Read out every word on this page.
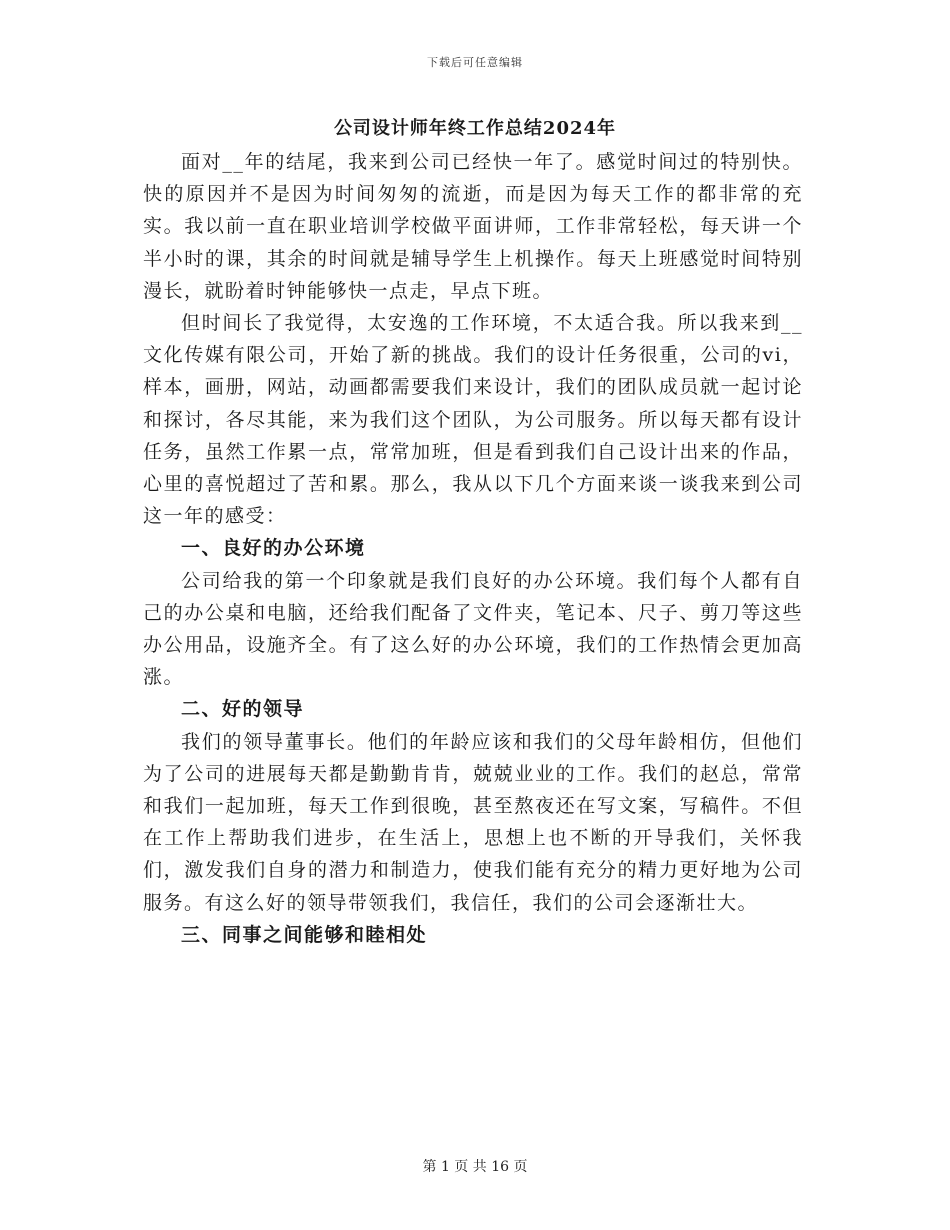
下载后可任意编辑
公司设计师年终工作总结2024年

面对__年的结尾，我来到公司已经快一年了。感觉时间过的特别快。快的原因并不是因为时间匆匆的流逝，而是因为每天工作的都非常的充实。我以前一直在职业培训学校做平面讲师，工作非常轻松，每天讲一个半小时的课，其余的时间就是辅导学生上机操作。每天上班感觉时间特别漫长，就盼着时钟能够快一点走，早点下班。

但时间长了我觉得，太安逸的工作环境，不太适合我。所以我来到__文化传媒有限公司，开始了新的挑战。我们的设计任务很重，公司的vi，样本，画册，网站，动画都需要我们来设计，我们的团队成员就一起讨论和探讨，各尽其能，来为我们这个团队，为公司服务。所以每天都有设计任务，虽然工作累一点，常常加班，但是看到我们自己设计出来的作品，心里的喜悦超过了苦和累。那么，我从以下几个方面来谈一谈我来到公司这一年的感受：

一、良好的办公环境

公司给我的第一个印象就是我们良好的办公环境。我们每个人都有自己的办公桌和电脑，还给我们配备了文件夹，笔记本、尺子、剪刀等这些办公用品，设施齐全。有了这么好的办公环境，我们的工作热情会更加高涨。

二、好的领导

我们的领导董事长。他们的年龄应该和我们的父母年龄相仿，但他们为了公司的进展每天都是勤勤肯肯，兢兢业业的工作。我们的赵总，常常和我们一起加班，每天工作到很晚，甚至熬夜还在写文案，写稿件。不但在工作上帮助我们进步，在生活上，思想上也不断的开导我们，关怀我们，激发我们自身的潜力和制造力，使我们能有充分的精力更好地为公司服务。有这么好的领导带领我们，我信任，我们的公司会逐渐壮大。

三、同事之间能够和睦相处

第 1 页 共 16 页
